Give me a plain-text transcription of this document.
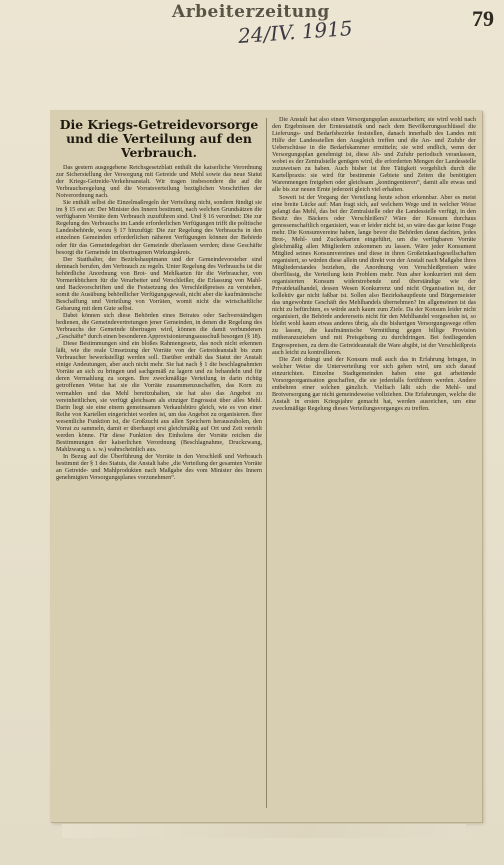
Arbeiterzeitung
24/IV. 1915	79
Die Kriegs-Getreidevorsorge und die Verteilung auf den Verbrauch.

Das gestern ausgegebene Reichsgesetzblatt enthält die kaiserliche Verordnung zur Sicherstellung der Versorgung mit Getreide und Mehl sowie das neue Statut der Kriegs-Getreide-Verkehrsanstalt. Wir tragen insbesondere die auf die Verbrauchsregelung und die Vorratsverteilung bezüglichen Vorschriften der Notverordnung nach.

Sie enthält selbst die Einzelmaßregeln der Verteilung nicht, sondern fündigt sie im § 15 erst an: Der Minister des Innern bestimmt, nach welchen Grundsätzen die verfügbaren Vorräte dem Verbrauch zuzuführen sind. Und § 16 verordnet: Die zur Regelung des Verbrauchs im Lande erforderlichen Verfügungen trifft die politische Landesbehörde, wozu § 17 hinzufügt: Die zur Regelung des Verbrauchs in den einzelnen Gemeinden erforderlichen näheren Verfügungen können der Behörde oder für das Gemeindegebiet der Gemeinde überlassen werden; diese Geschäfte besorgt die Gemeinde im übertragenen Wirkungskreis.

Der Statthalter, der Bezirkshauptmann und der Gemeindevorsteher sind demnach berufen, den Verbrauch zu regeln. Unter Regelung des Verbrauchs ist die behördliche Anordnung von Brot- und Mehlkarten für die Verbraucher, von Vormerkbüchern für die Verarbeiter und Verschleißer, die Erlassung von Mahl- und Backvorschriften und die Festsetzung des Verschleißpreises zu verstehen, somit die Ausübung behördlicher Verfügungsgewalt, nicht aber die kaufmännische Beschaffung und Verteilung von Vorräten, womit nicht die wirtschaftliche Gebarung mit dem Gute selbst.

Dabei können sich diese Behörden eines Beirates oder Sachverständigen bedienen, die Gemeindevertretungen jener Gemeinden, in denen die Regelung des Verbrauchs der Gemeinde übertragen wird, können die damit verbundenen „Geschäfte“ durch einen besonderen Approvisionierungsausschuß besorgen (§ 18).

Diese Bestimmungen sind ein bloßes Rahmengesetz, das noch nicht erkennen läßt, wie die reale Umsetzung der Vorräte von der Getreideanstalt bis zum Verbraucher bewerkstelligt werden soll. Darüber enthält das Statut der Anstalt einige Andeutungen, aber auch nicht mehr. Sie hat nach § 1 die beschlagnahmten Vorräte an sich zu bringen und sachgemäß zu lagern und zu behandeln und für deren Vermahlung zu sorgen. Ihre zweckmäßige Verteilung in darin richtig getroffenen Weise hat sie die Vorräte zusammenzuschaffen, das Korn zu vermahlen und das Mehl bereitzuhalten, sie hat also das Angebot zu vereinheitlichen, sie verfügt gleichsam als einziger Engrossist über alles Mehl. Darin liegt sie eine einem gemeinsamen Verkaufsbüro gleich, wie es von einer Reihe von Kartellen eingerichtet worden ist, um das Angebot zu organisieren. Ihre wesentliche Funktion ist, die Großzucht aus allen Speichern herauszuholen, den Vorrat zu sammeln, damit er überhaupt erst gleichmäßig auf Ort und Zeit verteilt werden könne. Für diese Funktion des Einholens der Vorräte reichen die Bestimmungen der kaiserlichen Verordnung (Beschlagnahme, Druckzwang, Mahlzwang u. s. w.) wahrscheinlich aus.

In Bezug auf die Überführung der Vorräte in den Verschleiß und Verbrauch bestimmt der § 1 des Statuts, die Anstalt habe „die Verteilung der gesamten Vorräte an Getreide- und Mahlprodukten nach Maßgabe des vom Minister des Innern genehmigten Versorgungsplanes vorzunehmen“.

Die Anstalt hat also einen Versorgungsplan auszuarbeiten; sie wird wohl nach den Ergebnissen der Erntestatistik und nach dem Bevölkerungsschlüssel die Lieferungs- und Bedarfsbezirke feststellen, danach innerhalb des Landes mit Hilfe der Landesstellen den Ausgleich treffen und die An- und Zufuhr der Ueberschüsse in die Bedarfskammer ermitteln; sie wird endlich, wenn der Versorgungsplan genehmigt ist, diese Ab- und Zufuhr periodisch veranlassen, wobei es der Zentralstelle genügen wird, die erforderten Mengen der Landesstelle zuzuweisen zu haben. Auch bisher ist ihre Tätigkeit vorgeblich durch die Kartellpraxis: sie wird für bestimmte Gebiete und Zeiten die benötigten Warenmengen freigeben oder gleichsam „kontingentieren“, damit alle etwas und alle bis zur neuen Ernte jederzeit gleich viel erhalten.

Soweit ist der Vorgang der Verteilung heute schon erkennbar. Aber es meist eine breite Lücke auf: Man fragt sich, auf welchem Wege und in welcher Weise gelangt das Mehl, das bei der Zentralstelle oder die Landesstelle verfügt, in den Besitz des Bäckers oder Verschleißers? Wäre der Konsum durchaus genossenschaftlich organisiert, was er leider nicht ist, so wäre das gar keine Frage mehr. Die Konsumvereine haben, lange bevor die Behörden daran dachten, jedes Brot-, Mehl- und Zuckerkarten eingeführt, um die verfügbaren Vorräte gleichmäßig allen Mitgliedern zukommen zu lassen. Wäre jeder Konsument Mitglied seines Konsumvereines und diese in ihren Großeinkaufsgesellschaften organisiert, so würden diese allein und direkt von der Anstalt nach Maßgabe ihres Mitgliederstandes beziehen, die Anordnung von Verschleißpreisen wäre überflüssig, die Verteilung kein Problem mehr. Nun aber konkurriert mit dem organisierten Konsum widerstrebende und überständige wie der Privatdetailhandel, dessen Wesen Konkurrenz und nicht Organisation ist, der kollektiv gar nicht faßbar ist. Sollen also Bezirkshauptleute und Bürgermeister das ungewohnte Geschäft des Mehlhandels übernehmen? Im allgemeinen ist das nicht zu befürchten, es würde auch kaum zum Ziele. Da der Konsum leider nicht organisiert, die Behörde andererseits nicht für den Mehlhandel vorgesehen ist, so bleibt wohl kaum etwas anderes übrig, als die bisherigen Versorgungswege offen zu lassen, die kaufmännische Vermittlung gegen billige Provision mitheranzuziehen und mit Preisgebung zu durchdringen. Bei festliegenden Engrospreisen, zu dem die Getreideanstalt die Ware abgibt, ist der Verschleißpreis auch leicht zu kontrollieren.

Die Zeit drängt und der Konsum muß auch das in Erfahrung bringen, in welcher Weise die Unterverteilung vor sich gehen wird, um sich darauf einzurichten. Einzelne Stadtgemeinden haben eine gut arbeitende Vorsorgeorganisation geschaffen, die sie jedenfalls fortführen werden. Andere entbehren einer solchen gänzlich. Vielfach läßt sich die Mehl- und Brotversorgung gar nicht gemeindeweise vollziehen. Die Erfahrungen, welche die Anstalt in ersten Kriegsjahre gemacht hat, werden ausreichen, um eine zweckmäßige Regelung dieses Verteilungsvorganges zu treffen.
